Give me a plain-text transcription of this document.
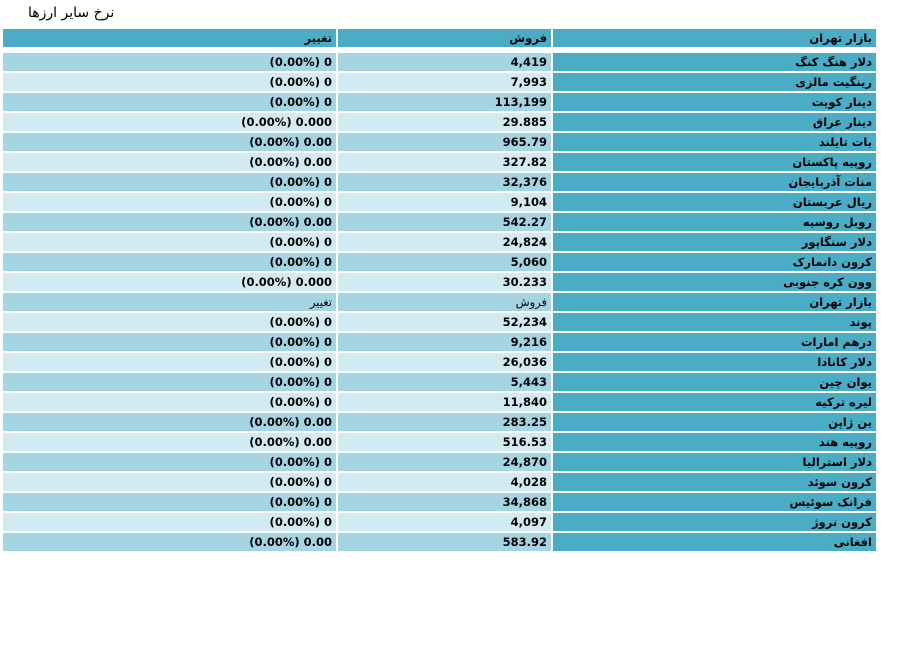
نرخ سایر ارزها
تغییر	فروش	بازار تهران

0 (0.00%)	4,419	دلار هنگ کنگ
0 (0.00%)	7,993	رینگیت مالزی
0 (0.00%)	113,199	دینار کویت
0.000 (0.00%)	29.885	دینار عراق
0.00 (0.00%)	965.79	بات تایلند
0.00 (0.00%)	327.82	روپیه پاکستان
0 (0.00%)	32,376	منات آذربایجان
0 (0.00%)	9,104	ریال عربستان
0.00 (0.00%)	542.27	روبل روسیه
0 (0.00%)	24,824	دلار سنگاپور
0 (0.00%)	5,060	کرون دانمارک
0.000 (0.00%)	30.233	وون کره جنوبی
تغییر	فروش	بازار تهران
0 (0.00%)	52,234	پوند
0 (0.00%)	9,216	درهم امارات
0 (0.00%)	26,036	دلار کانادا
0 (0.00%)	5,443	یوان چین
0 (0.00%)	11,840	لیره ترکیه
0.00 (0.00%)	283.25	ین ژاپن
0.00 (0.00%)	516.53	روپیه هند
0 (0.00%)	24,870	دلار استرالیا
0 (0.00%)	4,028	کرون سوئد
0 (0.00%)	34,868	فرانک سوئیس
0 (0.00%)	4,097	کرون نروژ
0.00 (0.00%)	583.92	افغانی
